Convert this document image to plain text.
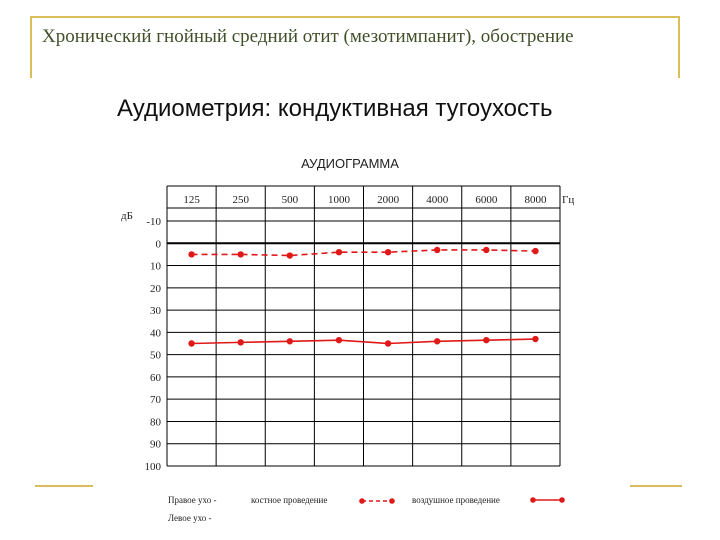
Хронический гнойный средний отит (мезотимпанит), обострение
Аудиометрия: кондуктивная тугоухость
АУДИОГРАММА
125	250	500	1000 2000 4000 6000 8000
-10
0
10
20
30
40
50
60
70
80
90
100
Гц
дБ
Правое ухо -
Левое ухо -
костное проведение	воздушное проведение
